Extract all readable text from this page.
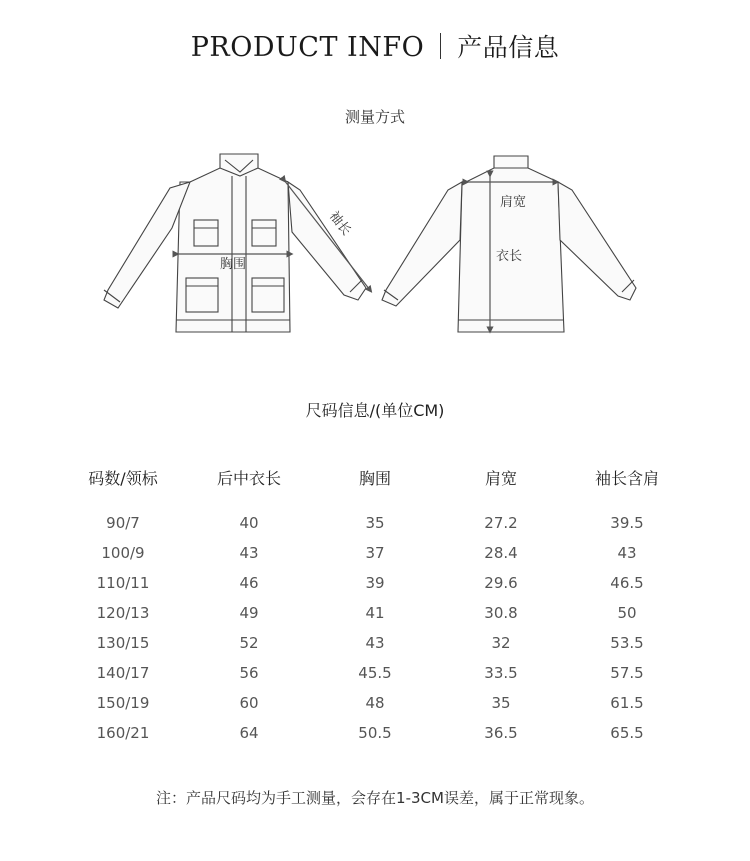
PRODUCT INFO 产品信息
测量方式
胸围
袖长
肩宽
衣长
尺码信息/(单位CM)
码数/领标	后中衣长	胸围	肩宽	袖长含肩
90/7	40	35	27.2	39.5
100/9	43	37	28.4	43
110/11	46	39	29.6	46.5
120/13	49	41	30.8	50
130/15	52	43	32	53.5
140/17	56	45.5	33.5	57.5
150/19	60	48	35	61.5
160/21	64	50.5	36.5	65.5
注：产品尺码均为手工测量，会存在1-3CM误差，属于正常现象。
